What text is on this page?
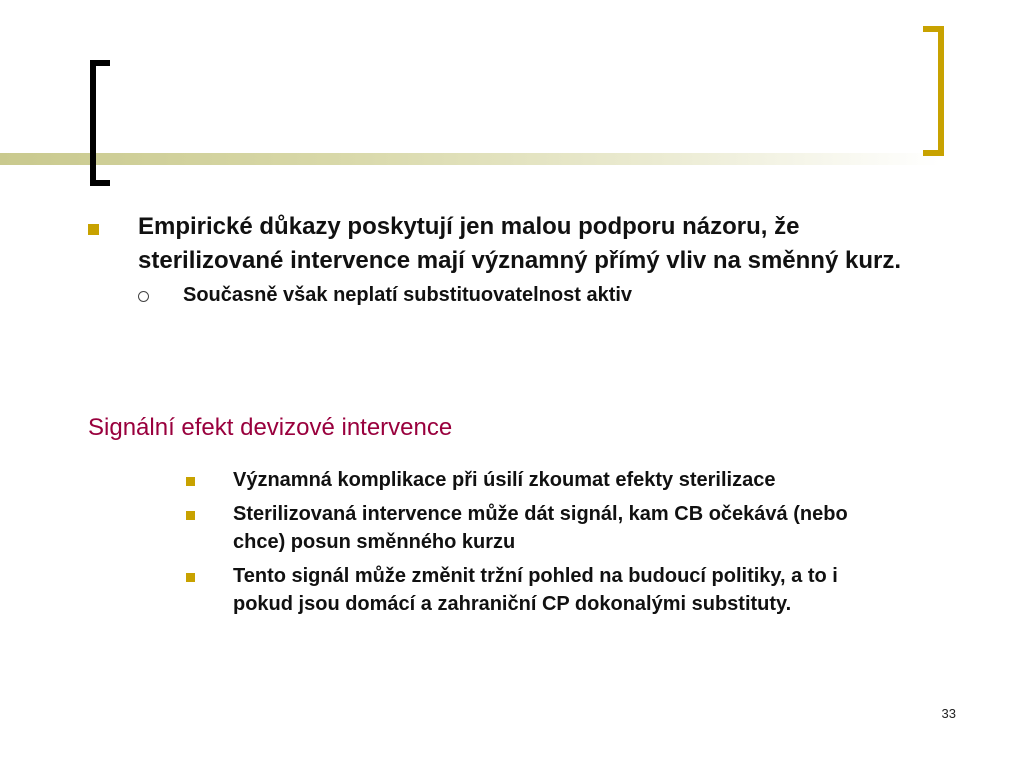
Empirické důkazy poskytují jen malou podporu názoru, že sterilizované intervence mají významný přímý vliv na směnný kurz.
Současně však neplatí substituovatelnost aktiv
Signální efekt devizové intervence
Významná komplikace při úsilí zkoumat efekty sterilizace
Sterilizovaná intervence může dát signál, kam CB očekává (nebo chce) posun směnného kurzu
Tento signál může změnit tržní pohled na budoucí politiky, a to i pokud jsou domácí a zahraniční CP dokonalými substituty.
33
